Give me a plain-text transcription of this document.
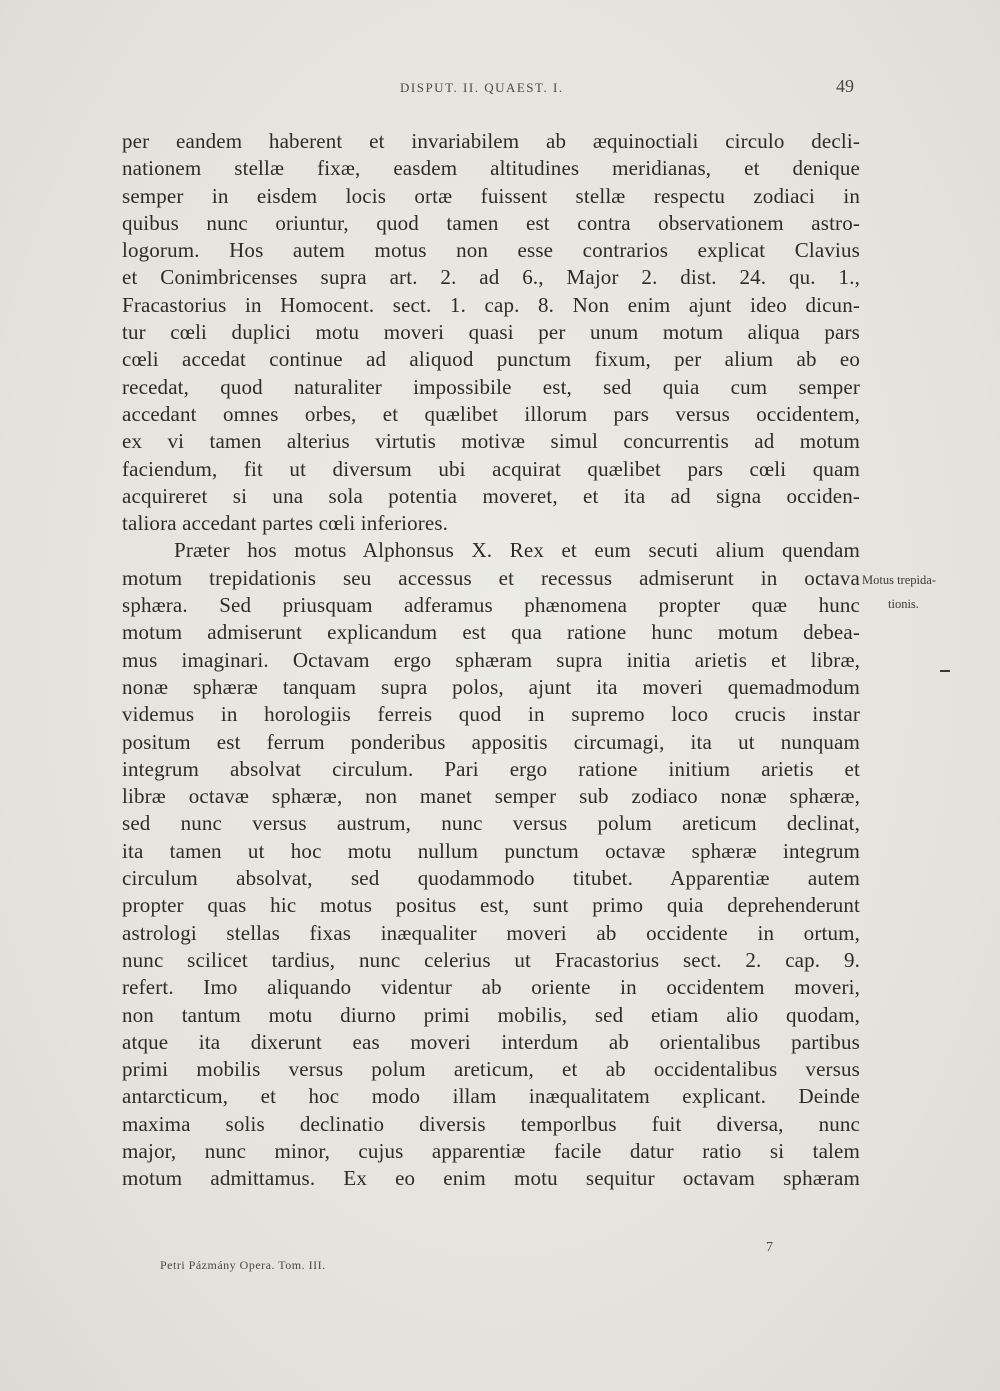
DISPUT. II. QUAEST. I.	49
per eandem haberent et invariabilem ab æquinoctiali circulo decli-
nationem stellæ fixæ, easdem altitudines meridianas, et denique
semper in eisdem locis ortæ fuissent stellæ respectu zodiaci in
quibus nunc oriuntur, quod tamen est contra observationem astro-
logorum. Hos autem motus non esse contrarios explicat Clavius
et Conimbricenses supra art. 2. ad 6., Major 2. dist. 24. qu. 1.,
Fracastorius in Homocent. sect. 1. cap. 8. Non enim ajunt ideo dicun-
tur cœli duplici motu moveri quasi per unum motum aliqua pars
cœli accedat continue ad aliquod punctum fixum, per alium ab eo
recedat, quod naturaliter impossibile est, sed quia cum semper
accedant omnes orbes, et quælibet illorum pars versus occidentem,
ex vi tamen alterius virtutis motivæ simul concurrentis ad motum
faciendum, fit ut diversum ubi acquirat quælibet pars cœli quam
acquireret si una sola potentia moveret, et ita ad signa occiden-
taliora accedant partes cœli inferiores.
Præter hos motus Alphonsus X. Rex et eum secuti alium quendam
motum trepidationis seu accessus et recessus admiserunt in octava
sphæra. Sed priusquam adferamus phænomena propter quæ hunc
motum admiserunt explicandum est qua ratione hunc motum debea-
mus imaginari. Octavam ergo sphæram supra initia arietis et libræ,
nonæ sphæræ tanquam supra polos, ajunt ita moveri quemadmodum
videmus in horologiis ferreis quod in supremo loco crucis instar
positum est ferrum ponderibus appositis circumagi, ita ut nunquam
integrum absolvat circulum. Pari ergo ratione initium arietis et
libræ octavæ sphæræ, non manet semper sub zodiaco nonæ sphæræ,
sed nunc versus austrum, nunc versus polum areticum declinat,
ita tamen ut hoc motu nullum punctum octavæ sphæræ integrum
circulum absolvat, sed quodammodo titubet. Apparentiæ autem
propter quas hic motus positus est, sunt primo quia deprehenderunt
astrologi stellas fixas inæqualiter moveri ab occidente in ortum,
nunc scilicet tardius, nunc celerius ut Fracastorius sect. 2. cap. 9.
refert. Imo aliquando videntur ab oriente in occidentem moveri,
non tantum motu diurno primi mobilis, sed etiam alio quodam,
atque ita dixerunt eas moveri interdum ab orientalibus partibus
primi mobilis versus polum areticum, et ab occidentalibus versus
antarcticum, et hoc modo illam inæqualitatem explicant. Deinde
maxima solis declinatio diversis temporlbus fuit diversa, nunc
major, nunc minor, cujus apparentiæ facile datur ratio si talem
motum admittamus. Ex eo enim motu sequitur octavam sphæram
Motus trepida-
tionis.
Petri Pázmány Opera. Tom. III.
7
